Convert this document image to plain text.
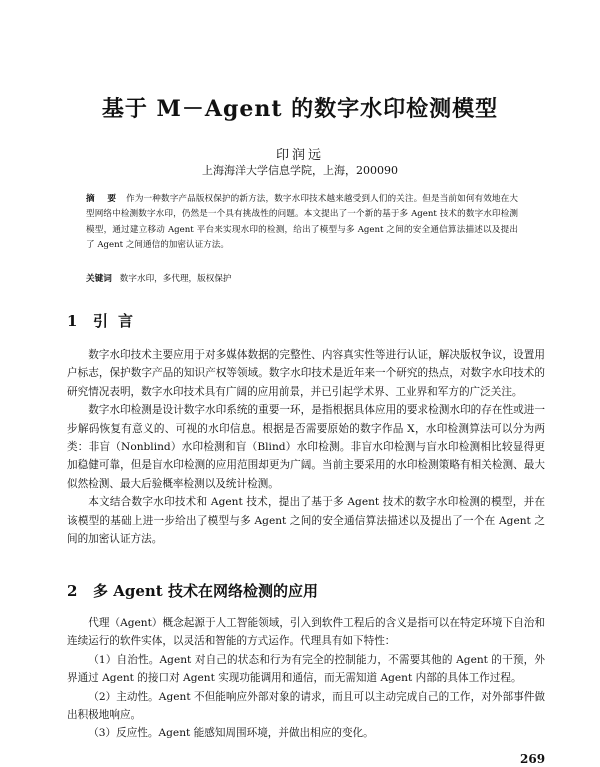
基于 M－Agent 的数字水印检测模型
印润远
上海海洋大学信息学院，上海，200090
摘　要 作为一种数字产品版权保护的新方法，数字水印技术越来越受到人们的关注。但是当前如何有效地在大型网络中检测数字水印，仍然是一个具有挑战性的问题。本文提出了一个新的基于多 Agent 技术的数字水印检测模型，通过建立移动 Agent 平台来实现水印的检测，给出了模型与多 Agent 之间的安全通信算法描述以及提出了 Agent 之间通信的加密认证方法。
关键词 数字水印，多代理，版权保护
1 引言

数字水印技术主要应用于对多媒体数据的完整性、内容真实性等进行认证，解决版权争议，设置用户标志，保护数字产品的知识产权等领域。数字水印技术是近年来一个研究的热点，对数字水印技术的研究情况表明，数字水印技术具有广阔的应用前景，并已引起学术界、工业界和军方的广泛关注。

数字水印检测是设计数字水印系统的重要一环，是指根据具体应用的要求检测水印的存在性或进一步解码恢复有意义的、可视的水印信息。根据是否需要原始的数字作品 X，水印检测算法可以分为两类：非盲（Nonblind）水印检测和盲（Blind）水印检测。非盲水印检测与盲水印检测相比较显得更加稳健可靠，但是盲水印检测的应用范围却更为广阔。当前主要采用的水印检测策略有相关检测、最大似然检测、最大后验概率检测以及统计检测。

本文结合数字水印技术和 Agent 技术，提出了基于多 Agent 技术的数字水印检测的模型，并在该模型的基础上进一步给出了模型与多 Agent 之间的安全通信算法描述以及提出了一个在 Agent 之间的加密认证方法。

2 多 Agent 技术在网络检测的应用

代理（Agent）概念起源于人工智能领域，引入到软件工程后的含义是指可以在特定环境下自治和连续运行的软件实体，以灵活和智能的方式运作。代理具有如下特性：

（1）自治性。Agent 对自己的状态和行为有完全的控制能力，不需要其他的 Agent 的干预，外界通过 Agent 的接口对 Agent 实现功能调用和通信，而无需知道 Agent 内部的具体工作过程。

（2）主动性。Agent 不但能响应外部对象的请求，而且可以主动完成自己的工作，对外部事件做出积极地响应。

（3）反应性。Agent 能感知周围环境，并做出相应的变化。

269
